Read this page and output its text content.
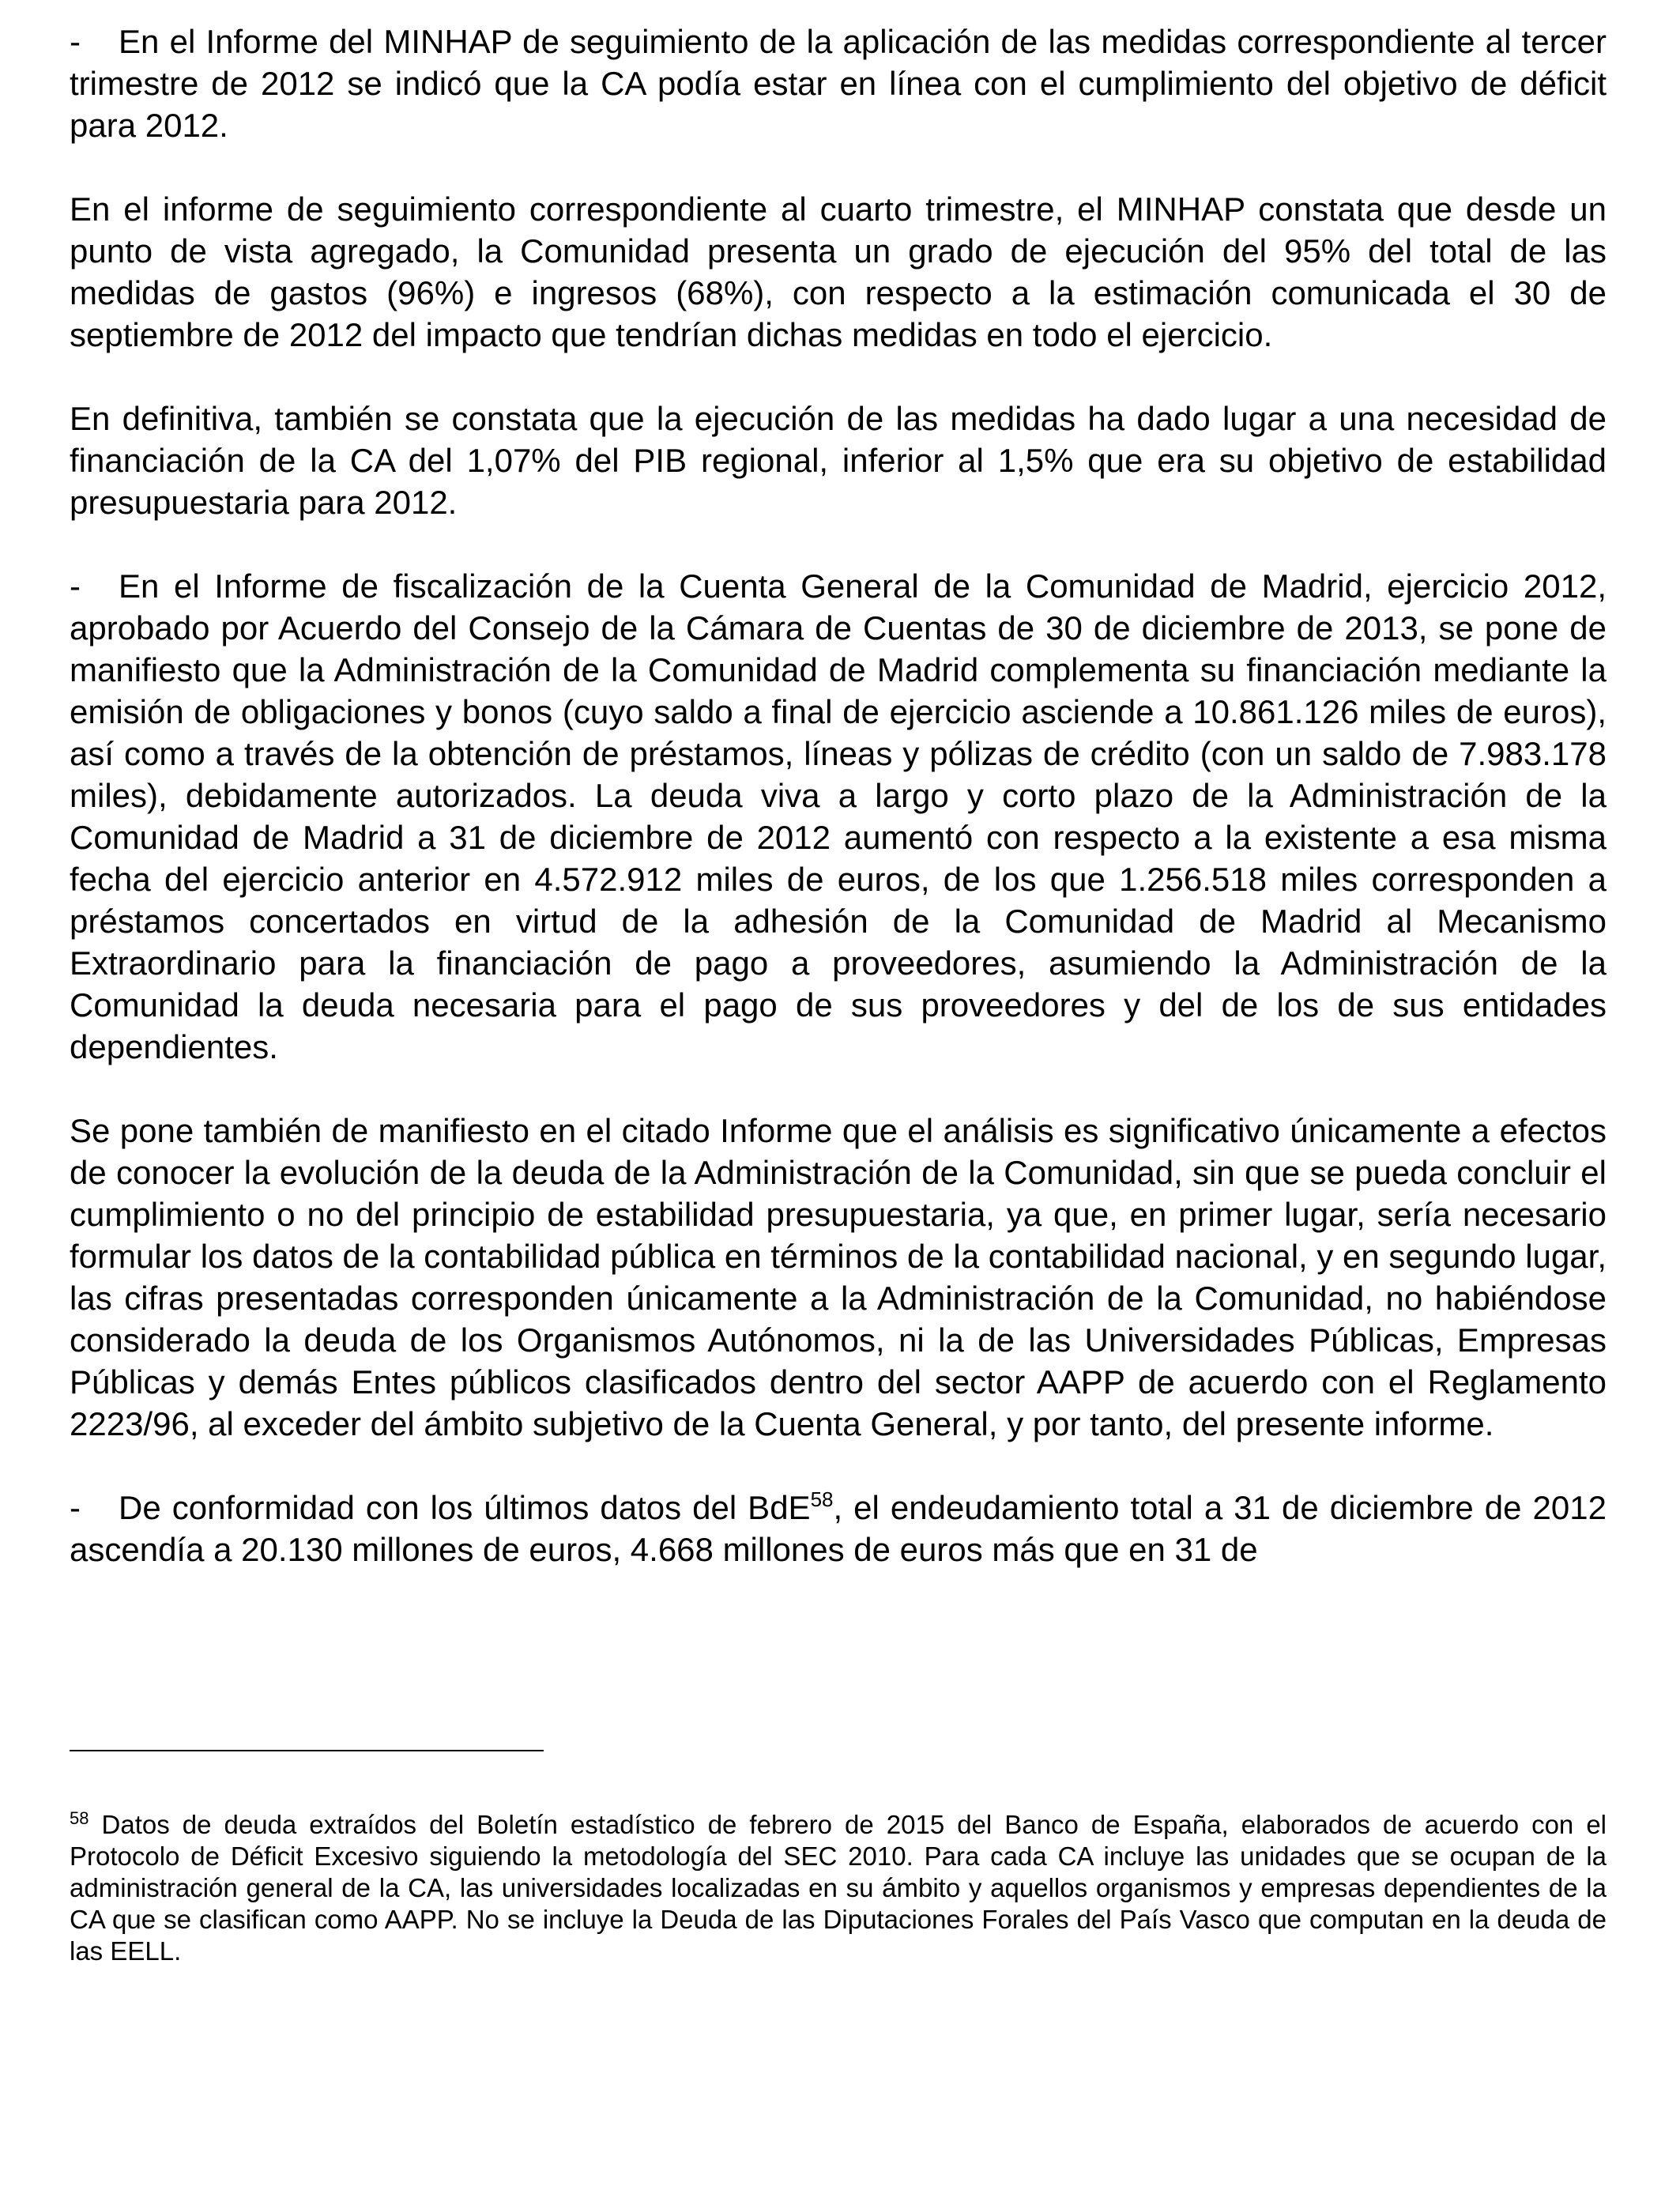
- En el Informe del MINHAP de seguimiento de la aplicación de las medidas correspondiente al tercer trimestre de 2012 se indicó que la CA podía estar en línea con el cumplimiento del objetivo de déficit para 2012.

En el informe de seguimiento correspondiente al cuarto trimestre, el MINHAP constata que desde un punto de vista agregado, la Comunidad presenta un grado de ejecución del 95% del total de las medidas de gastos (96%) e ingresos (68%), con respecto a la estimación comunicada el 30 de septiembre de 2012 del impacto que tendrían dichas medidas en todo el ejercicio.

En definitiva, también se constata que la ejecución de las medidas ha dado lugar a una necesidad de financiación de la CA del 1,07% del PIB regional, inferior al 1,5% que era su objetivo de estabilidad presupuestaria para 2012.

- En el Informe de fiscalización de la Cuenta General de la Comunidad de Madrid, ejercicio 2012, aprobado por Acuerdo del Consejo de la Cámara de Cuentas de 30 de diciembre de 2013, se pone de manifiesto que la Administración de la Comunidad de Madrid complementa su financiación mediante la emisión de obligaciones y bonos (cuyo saldo a final de ejercicio asciende a 10.861.126 miles de euros), así como a través de la obtención de préstamos, líneas y pólizas de crédito (con un saldo de 7.983.178 miles), debidamente autorizados. La deuda viva a largo y corto plazo de la Administración de la Comunidad de Madrid a 31 de diciembre de 2012 aumentó con respecto a la existente a esa misma fecha del ejercicio anterior en 4.572.912 miles de euros, de los que 1.256.518 miles corresponden a préstamos concertados en virtud de la adhesión de la Comunidad de Madrid al Mecanismo Extraordinario para la financiación de pago a proveedores, asumiendo la Administración de la Comunidad la deuda necesaria para el pago de sus proveedores y del de los de sus entidades dependientes.

Se pone también de manifiesto en el citado Informe que el análisis es significativo únicamente a efectos de conocer la evolución de la deuda de la Administración de la Comunidad, sin que se pueda concluir el cumplimiento o no del principio de estabilidad presupuestaria, ya que, en primer lugar, sería necesario formular los datos de la contabilidad pública en términos de la contabilidad nacional, y en segundo lugar, las cifras presentadas corresponden únicamente a la Administración de la Comunidad, no habiéndose considerado la deuda de los Organismos Autónomos, ni la de las Universidades Públicas, Empresas Públicas y demás Entes públicos clasificados dentro del sector AAPP de acuerdo con el Reglamento 2223/96, al exceder del ámbito subjetivo de la Cuenta General, y por tanto, del presente informe.

- De conformidad con los últimos datos del BdE$^{58}$, el endeudamiento total a 31 de diciembre de 2012 ascendía a 20.130 millones de euros, 4.668 millones de euros más que en 31 de

$^{58}$ Datos de deuda extraídos del Boletín estadístico de febrero de 2015 del Banco de España, elaborados de acuerdo con el Protocolo de Déficit Excesivo siguiendo la metodología del SEC 2010. Para cada CA incluye las unidades que se ocupan de la administración general de la CA, las universidades localizadas en su ámbito y aquellos organismos y empresas dependientes de la CA que se clasifican como AAPP. No se incluye la Deuda de las Diputaciones Forales del País Vasco que computan en la deuda de las EELL.
